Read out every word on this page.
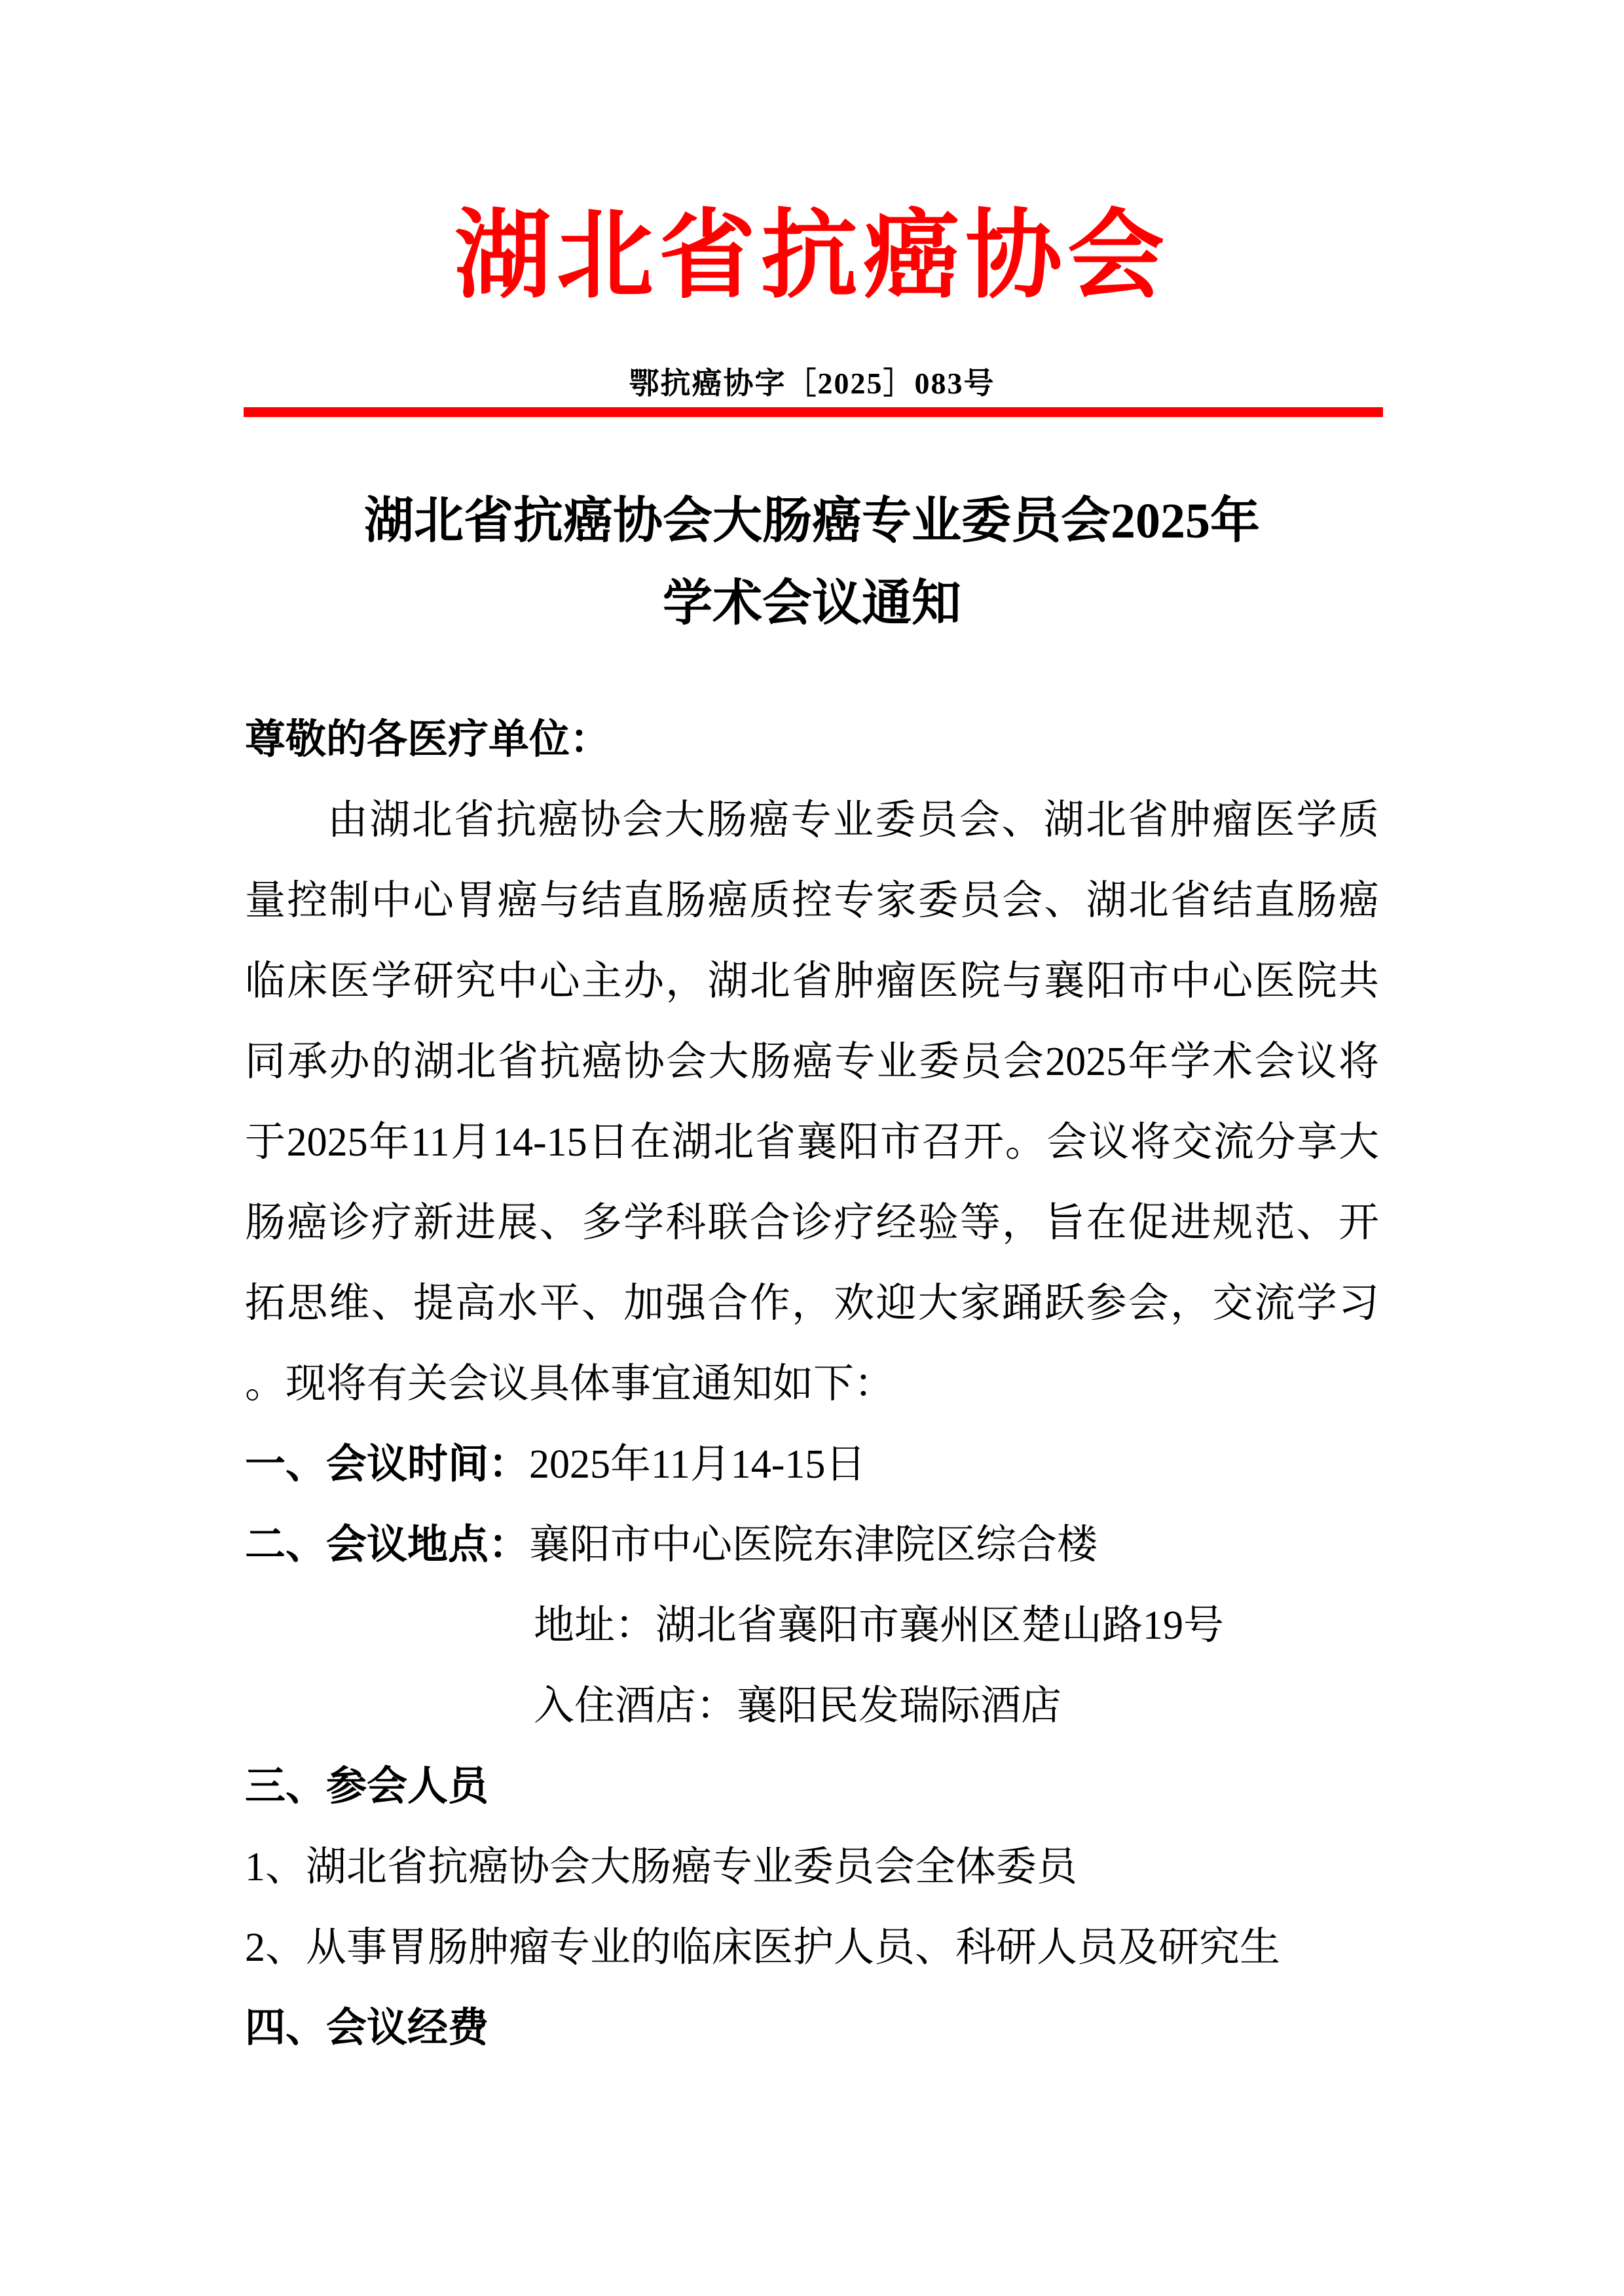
湖北省抗癌协会
鄂抗癌协字［2025］083号
湖北省抗癌协会大肠癌专业委员会2025年
学术会议通知
尊敬的各医疗单位：
由湖北省抗癌协会大肠癌专业委员会、湖北省肿瘤医学质
量控制中心胃癌与结直肠癌质控专家委员会、湖北省结直肠癌
临床医学研究中心主办，湖北省肿瘤医院与襄阳市中心医院共
同承办的湖北省抗癌协会大肠癌专业委员会2025年学术会议将
于2025年11月14-15日在湖北省襄阳市召开。会议将交流分享大
肠癌诊疗新进展、多学科联合诊疗经验等，旨在促进规范、开
拓思维、提高水平、加强合作，欢迎大家踊跃参会，交流学习
。现将有关会议具体事宜通知如下：
一、会议时间：2025年11月14-15日
二、会议地点：襄阳市中心医院东津院区综合楼
地址：湖北省襄阳市襄州区楚山路19号
入住酒店：襄阳民发瑞际酒店
三、参会人员
1、湖北省抗癌协会大肠癌专业委员会全体委员
2、从事胃肠肿瘤专业的临床医护人员、科研人员及研究生
四、会议经费
